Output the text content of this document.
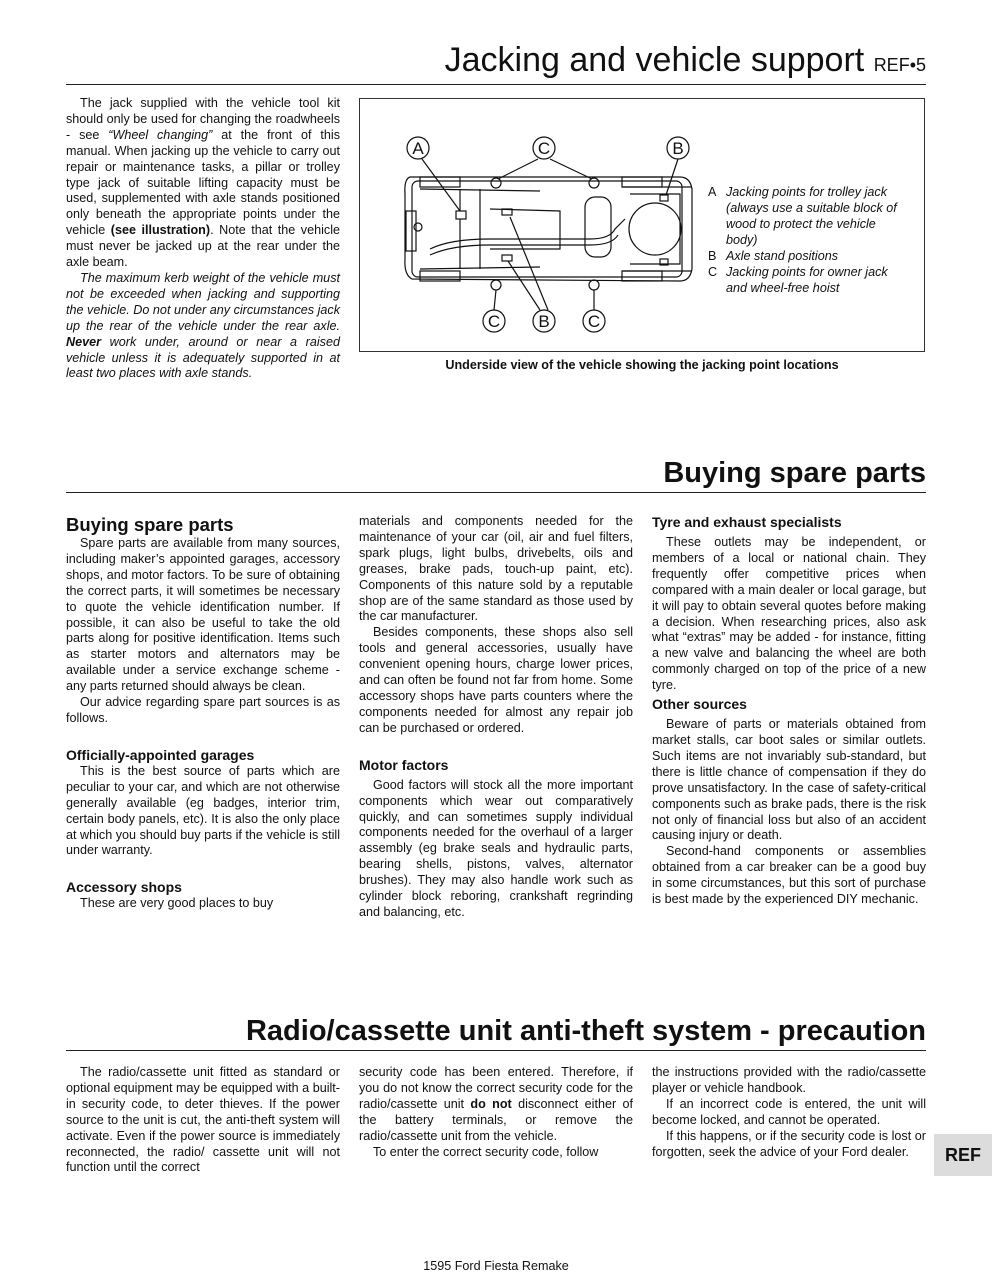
Jacking and vehicle support REF•5

The jack supplied with the vehicle tool kit should only be used for changing the roadwheels - see “Wheel changing” at the front of this manual. When jacking up the vehicle to carry out repair or maintenance tasks, a pillar or trolley type jack of suitable lifting capacity must be used, supplemented with axle stands positioned only beneath the appropriate points under the vehicle (see illustration). Note that the vehicle must never be jacked up at the rear under the axle beam.

The maximum kerb weight of the vehicle must not be exceeded when jacking and supporting the vehicle. Do not under any circumstances jack up the rear of the vehicle under the rear axle. Never work under, around or near a raised vehicle unless it is adequately supported in at least two places with axle stands.

A	C	B
C B C
A Jacking points for trolley jack (always use a suitable block of wood to protect the vehicle body)
B Axle stand positions
C Jacking points for owner jack and wheel-free hoist
Underside view of the vehicle showing the jacking point locations
Buying spare parts
Buying spare parts

Spare parts are available from many sources, including maker’s appointed garages, accessory shops, and motor factors. To be sure of obtaining the correct parts, it will sometimes be necessary to quote the vehicle identification number. If possible, it can also be useful to take the old parts along for positive identification. Items such as starter motors and alternators may be available under a service exchange scheme - any parts returned should always be clean.

Our advice regarding spare part sources is as follows.

Officially-appointed garages

This is the best source of parts which are peculiar to your car, and which are not otherwise generally available (eg badges, interior trim, certain body panels, etc). It is also the only place at which you should buy parts if the vehicle is still under warranty.

Accessory shops

These are very good places to buy

materials and components needed for the maintenance of your car (oil, air and fuel filters, spark plugs, light bulbs, drivebelts, oils and greases, brake pads, touch-up paint, etc). Components of this nature sold by a reputable shop are of the same standard as those used by the car manufacturer.

Besides components, these shops also sell tools and general accessories, usually have convenient opening hours, charge lower prices, and can often be found not far from home. Some accessory shops have parts counters where the components needed for almost any repair job can be purchased or ordered.

Motor factors

Good factors will stock all the more important components which wear out comparatively quickly, and can sometimes supply individual components needed for the overhaul of a larger assembly (eg brake seals and hydraulic parts, bearing shells, pistons, valves, alternator brushes). They may also handle work such as cylinder block reboring, crankshaft regrinding and balancing, etc.

Tyre and exhaust specialists

These outlets may be independent, or members of a local or national chain. They frequently offer competitive prices when compared with a main dealer or local garage, but it will pay to obtain several quotes before making a decision. When researching prices, also ask what “extras” may be added - for instance, fitting a new valve and balancing the wheel are both commonly charged on top of the price of a new tyre.

Other sources

Beware of parts or materials obtained from market stalls, car boot sales or similar outlets. Such items are not invariably sub-standard, but there is little chance of compensation if they do prove unsatisfactory. In the case of safety-critical components such as brake pads, there is the risk not only of financial loss but also of an accident causing injury or death.

Second-hand components or assemblies obtained from a car breaker can be a good buy in some circumstances, but this sort of purchase is best made by the experienced DIY mechanic.

Radio/cassette unit anti-theft system - precaution

The radio/cassette unit fitted as standard or optional equipment may be equipped with a built-in security code, to deter thieves. If the power source to the unit is cut, the anti-theft system will activate. Even if the power source is immediately reconnected, the radio/ cassette unit will not function until the correct

security code has been entered. Therefore, if you do not know the correct security code for the radio/cassette unit do not disconnect either of the battery terminals, or remove the radio/cassette unit from the vehicle.

To enter the correct security code, follow

the instructions provided with the radio/cassette player or vehicle handbook.

If an incorrect code is entered, the unit will become locked, and cannot be operated.

If this happens, or if the security code is lost or forgotten, seek the advice of your Ford dealer.	REF
1595 Ford Fiesta Remake
